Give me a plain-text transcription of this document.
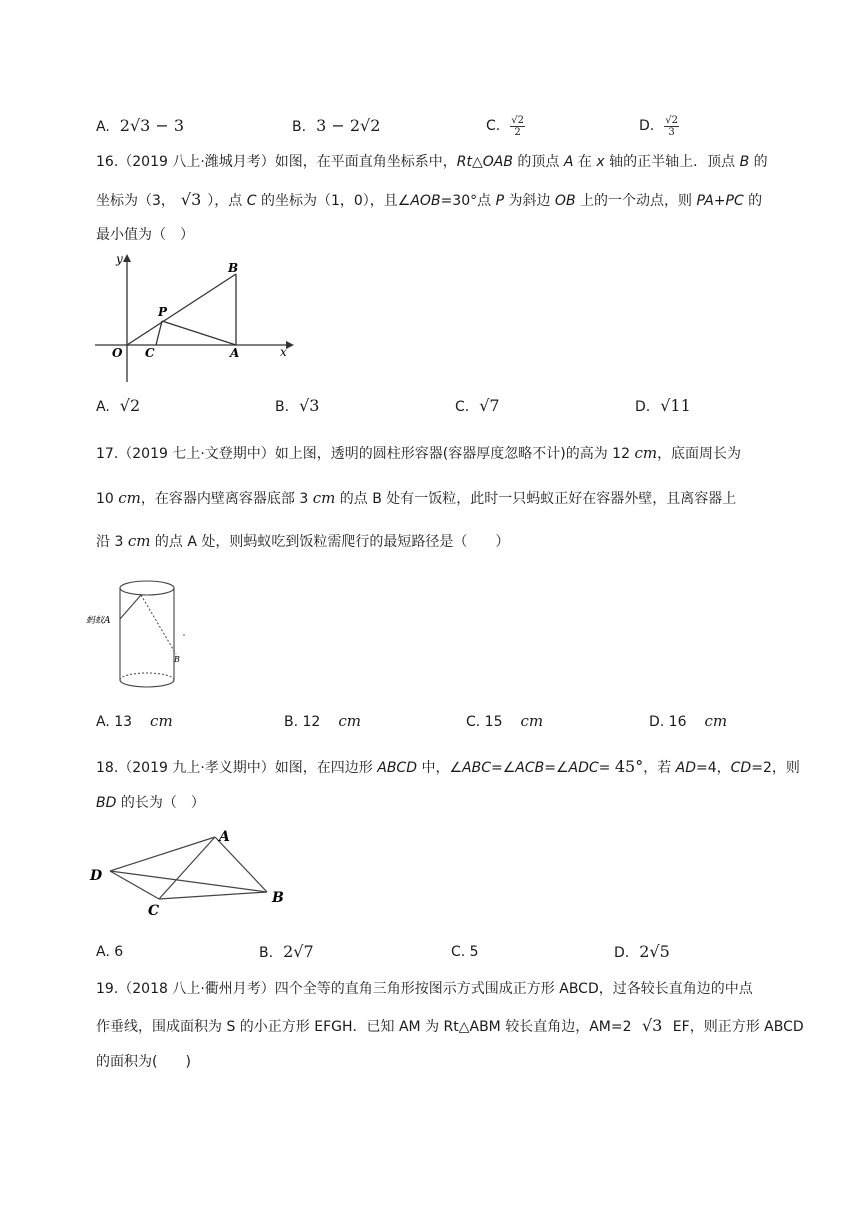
A. 2√3 − 3	B. 3 − 2√2	C. $\frac{√2}{2}$	D. $\frac{√2}{3}$
16.（2019 八上·潍城月考）如图，在平面直角坐标系中，Rt△OAB 的顶点 A 在 x 轴的正半轴上．顶点 B 的
坐标为（3， √3 ），点 C 的坐标为（1，0），且∠AOB=30°点 P 为斜边 OB 上的一个动点，则 PA+PC 的
最小值为（　）
y
x
O C	A
B
P
A. √2	B. √3	C. √7	D. √11
17.（2019 七上·文登期中）如上图，透明的圆柱形容器(容器厚度忽略不计)的高为 12 cm，底面周长为
10 cm，在容器内壁离容器底部 3 cm 的点 B 处有一饭粒，此时一只蚂蚁正好在容器外壁，且离容器上
沿 3 cm 的点 A 处，则蚂蚁吃到饭粒需爬行的最短路径是（　　）
蚂蚁A
B
A. 13 cm	B. 12 cm	C. 15 cm	D. 16 cm
18.（2019 九上·孝义期中）如图，在四边形 ABCD 中，∠ABC=∠ACB=∠ADC= 45°，若 AD=4，CD=2，则
BD 的长为（　）
A
B
C
D
A. 6	B. 2√7	C. 5	D. 2√5
19.（2018 八上·衢州月考）四个全等的直角三角形按图示方式围成正方形 ABCD，过各较长直角边的中点
作垂线，围成面积为 S 的小正方形 EFGH．已知 AM 为 Rt△ABM 较长直角边，AM=2 √3 EF，则正方形 ABCD
的面积为(　　)
